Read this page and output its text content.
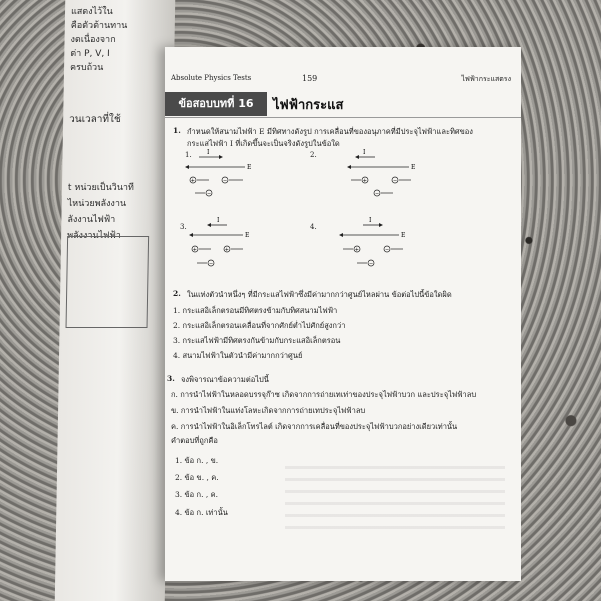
แสดงไว้ใน
คือตัวต้านทาน
งดเนื่องจาก
ต่า P, V, I
ครบถ้วน
วนเวลาที่ใช้
t หน่วยเป็นวินาที
ไหน่วยพลังงาน
ลังงานไฟฟ้า
พลังงานไฟฟ้า
Absolute Physics Tests	159	ไฟฟ้ากระแสตรง
ข้อสอบบทที่ 16	ไฟฟ้ากระแส
1. กำหนดให้สนามไฟฟ้า E มีทิศทางดังรูป การเคลื่อนที่ของอนุภาคที่มีประจุไฟฟ้าและทิศของ
กระแสไฟฟ้า I ที่เกิดขึ้นจะเป็นจริงดังรูปในข้อใด
1.	2.
3.	4.
I
E
+	−
−
I
E
+	−
−
I
E
+	+
−
I
E
+	−
−
2. ในแท่งตัวนำหนึ่งๆ ที่มีกระแสไฟฟ้าซึ่งมีค่ามากกว่าศูนย์ไหลผ่าน ข้อต่อไปนี้ข้อใดผิด
1. กระแสอิเล็กตรอนมีทิศตรงข้ามกับทิศสนามไฟฟ้า
2. กระแสอิเล็กตรอนเคลื่อนที่จากศักย์ต่ำไปศักย์สูงกว่า
3. กระแสไฟฟ้ามีทิศตรงกันข้ามกับกระแสอิเล็กตรอน
4. สนามไฟฟ้าในตัวนำมีค่ามากกว่าศูนย์
3. จงพิจารณาข้อความต่อไปนี้
ก. การนำไฟฟ้าในหลอดบรรจุก๊าซ เกิดจากการถ่ายเทเท่าของประจุไฟฟ้าบวก และประจุไฟฟ้าลบ
ข. การนำไฟฟ้าในแท่งโลหะเกิดจากการถ่ายเทประจุไฟฟ้าลบ
ค. การนำไฟฟ้าในอิเล็กโทรไลต์ เกิดจากการเคลื่อนที่ของประจุไฟฟ้าบวกอย่างเดียวเท่านั้น
คำตอบที่ถูกคือ
1. ข้อ ก. , ข.
2. ข้อ ข. , ค.
3. ข้อ ก. , ค.
4. ข้อ ก. เท่านั้น
